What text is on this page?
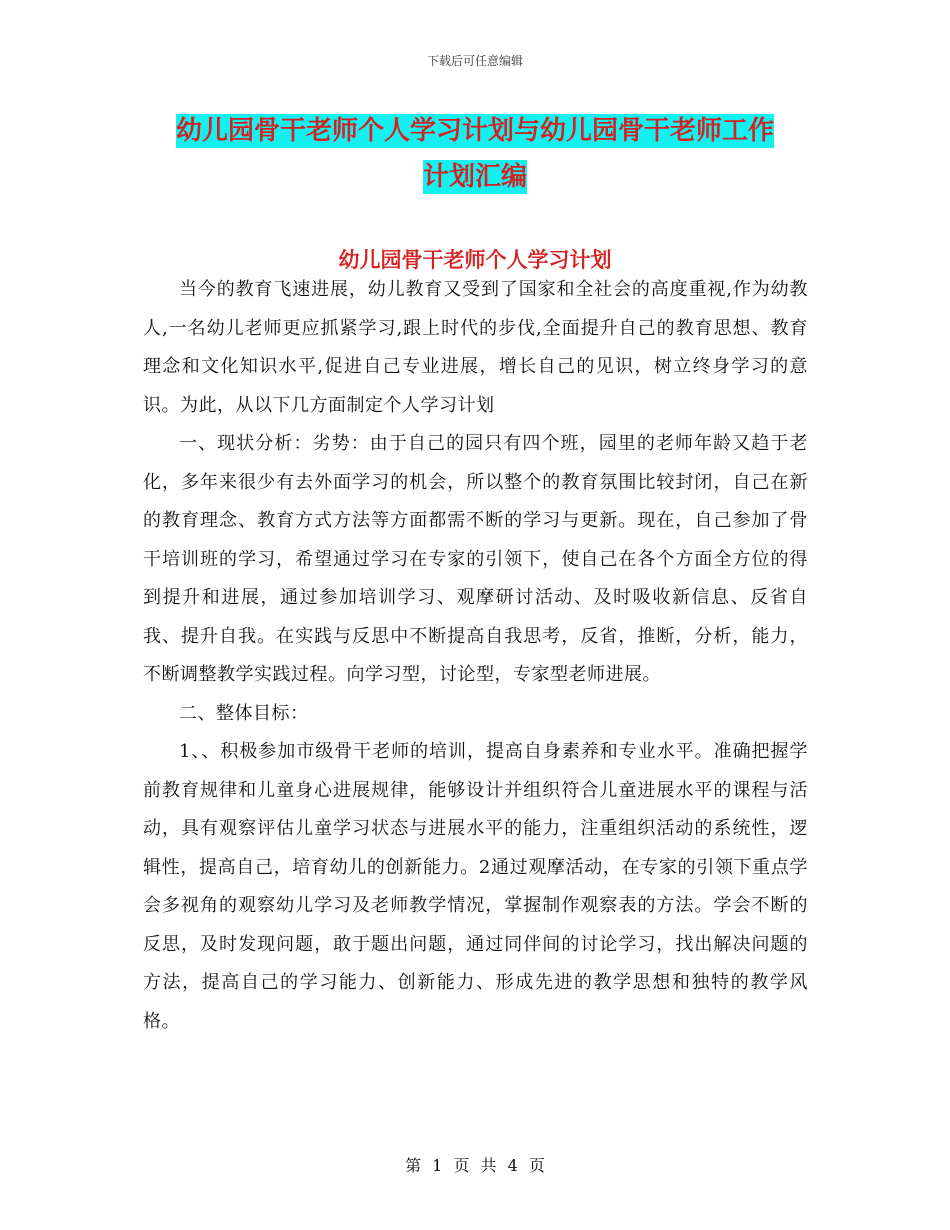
下载后可任意编辑
幼儿园骨干老师个人学习计划与幼儿园骨干老师工作
计划汇编
幼儿园骨干老师个人学习计划

当今的教育飞速进展，幼儿教育又受到了国家和全社会的高度重视,作为幼教人,一名幼儿老师更应抓紧学习,跟上时代的步伐,全面提升自己的教育思想、教育理念和文化知识水平,促进自己专业进展，增长自己的见识，树立终身学习的意识。为此，从以下几方面制定个人学习计划

一、现状分析：劣势：由于自己的园只有四个班，园里的老师年龄又趋于老化，多年来很少有去外面学习的机会，所以整个的教育氛围比较封闭，自己在新的教育理念、教育方式方法等方面都需不断的学习与更新。现在，自己参加了骨干培训班的学习，希望通过学习在专家的引领下，使自己在各个方面全方位的得到提升和进展，通过参加培训学习、观摩研讨活动、及时吸收新信息、反省自我、提升自我。在实践与反思中不断提高自我思考，反省，推断，分析，能力，不断调整教学实践过程。向学习型，讨论型，专家型老师进展。

二、整体目标：

1、、积极参加市级骨干老师的培训，提高自身素养和专业水平。准确把握学前教育规律和儿童身心进展规律，能够设计并组织符合儿童进展水平的课程与活动，具有观察评估儿童学习状态与进展水平的能力，注重组织活动的系统性，逻辑性，提高自己，培育幼儿的创新能力。2通过观摩活动，在专家的引领下重点学会多视角的观察幼儿学习及老师教学情况，掌握制作观察表的方法。学会不断的反思，及时发现问题，敢于题出问题，通过同伴间的讨论学习，找出解决问题的方法，提高自己的学习能力、创新能力、形成先进的教学思想和独特的教学风格。

第 1 页 共 4 页
